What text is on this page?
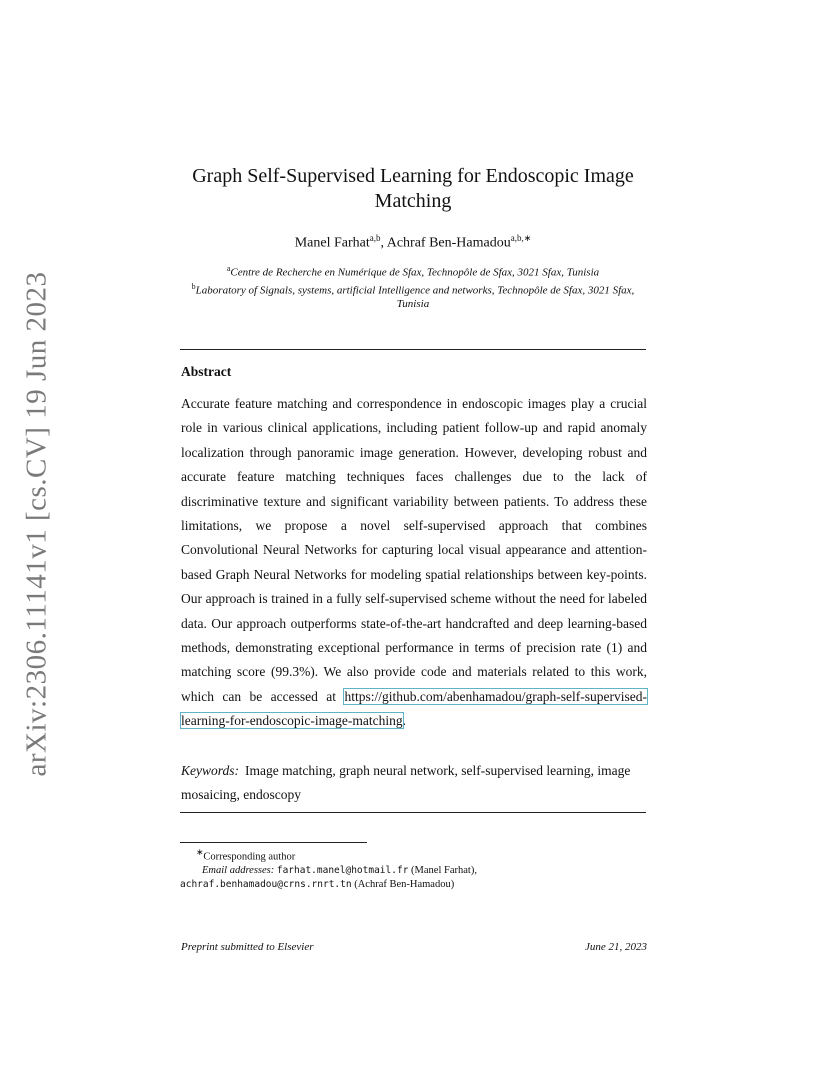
arXiv:2306.11141v1 [cs.CV] 19 Jun 2023
Graph Self-Supervised Learning for Endoscopic Image
Matching
Manel Farhat$^{a,b}$, Achraf Ben-Hamadou$^{a,b,∗}$
$^a$Centre de Recherche en Numérique de Sfax, Technopôle de Sfax, 3021 Sfax, Tunisia
$^b$Laboratory of Signals, systems, artificial Intelligence and networks, Technopôle de Sfax, 3021 Sfax, Tunisia
Abstract
Accurate feature matching and correspondence in endoscopic images play a crucial role in various clinical applications, including patient follow-up and rapid anomaly localization through panoramic image generation. However, developing robust and accurate feature matching techniques faces challenges due to the lack of discriminative texture and significant variability between patients. To address these limitations, we propose a novel self-supervised approach that combines Convolutional Neural Networks for capturing local visual appearance and attention-based Graph Neural Networks for modeling spatial relationships between key-points. Our approach is trained in a fully self-supervised scheme without the need for labeled data. Our approach outperforms state-of-the-art handcrafted and deep learning-based methods, demonstrating exceptional performance in terms of precision rate (1) and matching score (99.3%). We also provide code and materials related to this work, which can be accessed at https://github.com/abenhamadou/graph-self-supervised-learning-for-endoscopic-image-matching.
Keywords: Image matching, graph neural network, self-supervised learning, image mosaicing, endoscopy
∗Corresponding author
Email addresses: farhat.manel@hotmail.fr (Manel Farhat),
achraf.benhamadou@crns.rnrt.tn (Achraf Ben-Hamadou)
Preprint submitted to Elsevier	June 21, 2023
